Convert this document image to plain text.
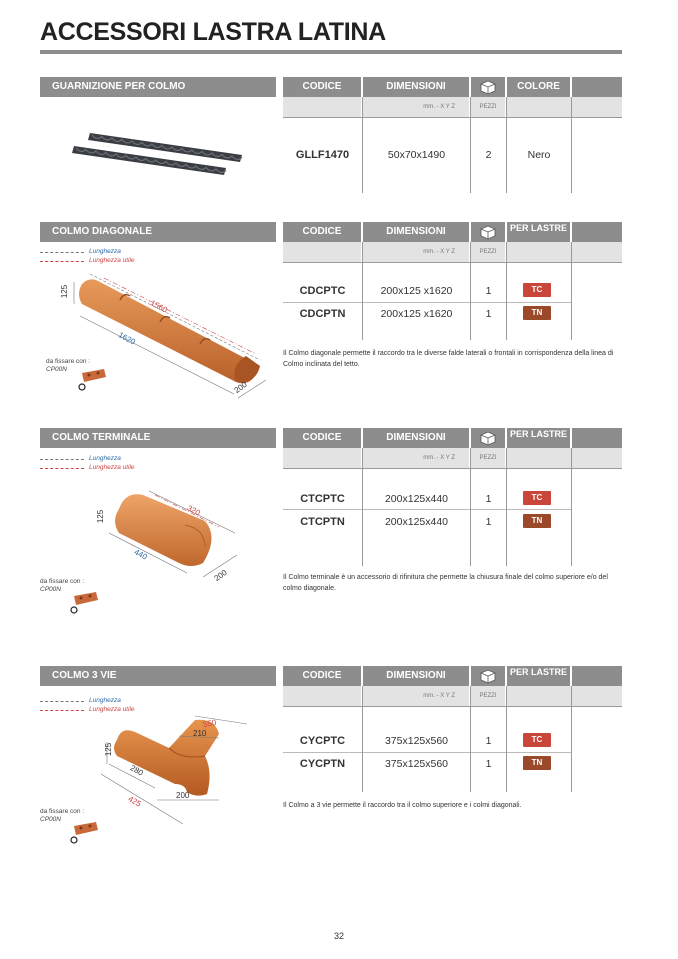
ACCESSORI LASTRA LATINA
GUARNIZIONE PER COLMO	CODICE	DIMENSIONI	COLORE
mm. - X Y Z	PEZZI
GLLF1470	50x70x1490	2	Nero
COLMO DIAGONALE
Lunghezza
Lunghezza utile
125
1560
1620
200
da fissare con :
CP00N
CODICE	DIMENSIONI	PER LASTRE
mm. - X Y Z	PEZZI
CDCPTC	200x125 x1620	1	TC
CDCPTN	200x125 x1620	1	TN
Il Colmo diagonale permette il raccordo tra le diverse falde laterali o frontali in corrispondenza della linea di Colmo inclinata del tetto.
COLMO TERMINALE
Lunghezza
Lunghezza utile
125	320
440
200
da fissare con :
CP00N
CODICE	DIMENSIONI	PER LASTRE
mm. - X Y Z	PEZZI
CTCPTC	200x125x440	1	TC
CTCPTN	200x125x440	1	TN
Il Colmo terminale è un accessorio di rifinitura che permette la chiusura finale del colmo superiore e/o del colmo diagonale.
COLMO 3 VIE
Lunghezza
Lunghezza utile
550
210
125
280
425	200
da fissare con :
CP00N
CODICE	DIMENSIONI	PER LASTRE
mm. - X Y Z	PEZZI
CYCPTC	375x125x560	1	TC
CYCPTN	375x125x560	1	TN
Il Colmo a 3 vie permette il raccordo tra il colmo superiore e i colmi diagonali.
32
